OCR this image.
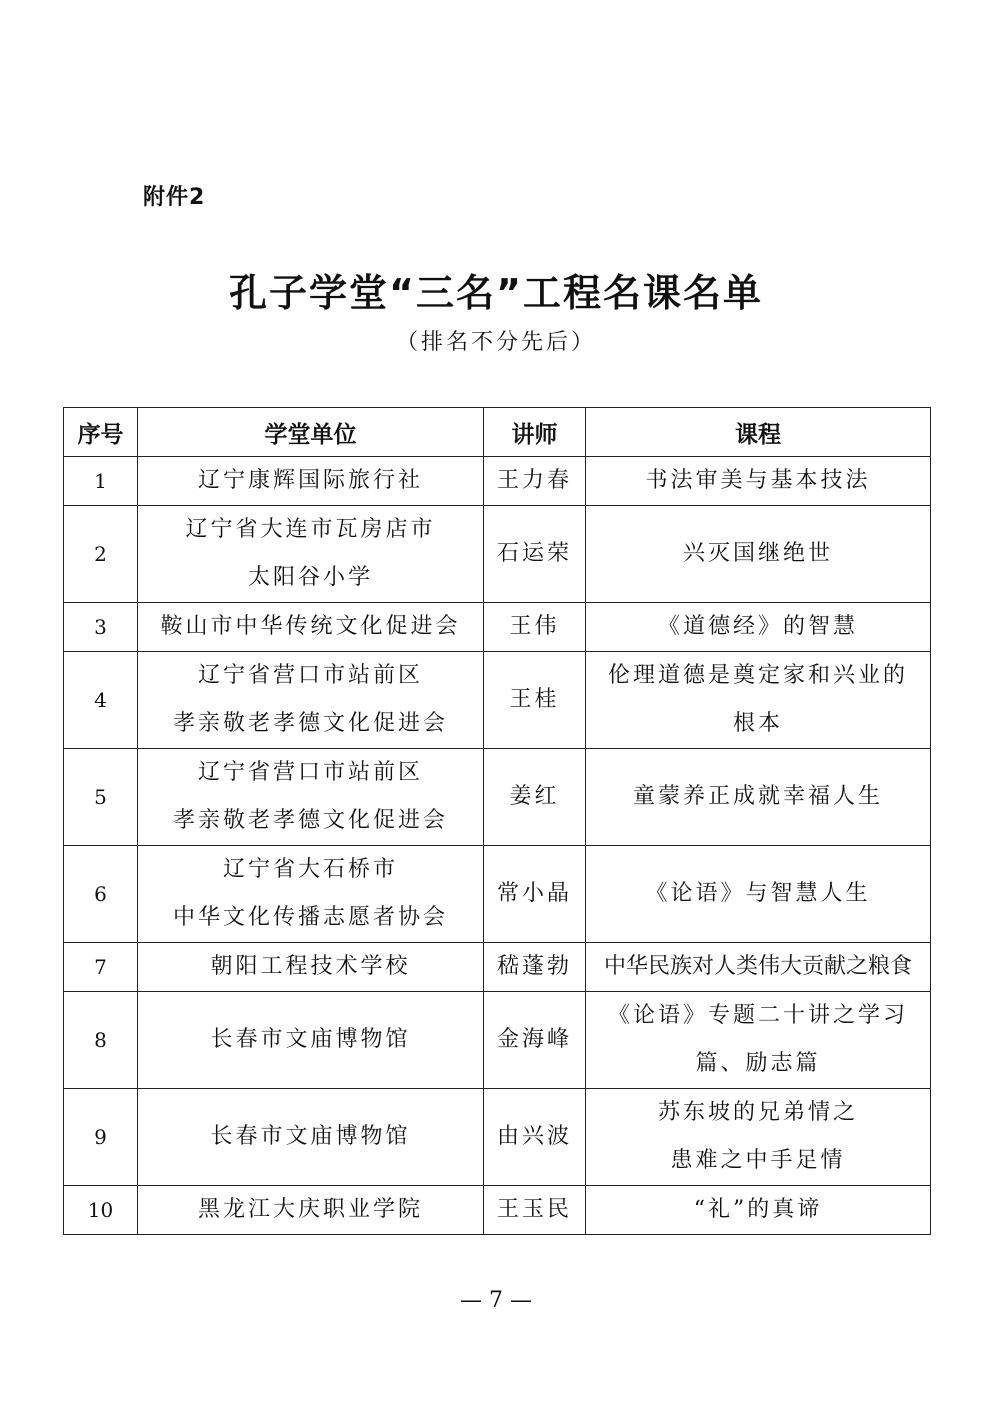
附件2
孔子学堂“三名”工程名课名单
（排名不分先后）
序号	学堂单位	讲师	课程
1	辽宁康辉国际旅行社	王力春	书法审美与基本技法

2	辽宁省大连市瓦房店市
太阳谷小学	石运荣	兴灭国继绝世

3	鞍山市中华传统文化促进会	王伟	《道德经》的智慧

4	辽宁省营口市站前区
孝亲敬老孝德文化促进会	王桂	伦理道德是奠定家和兴业的
根本

5	辽宁省营口市站前区
孝亲敬老孝德文化促进会	姜红	童蒙养正成就幸福人生

6	辽宁省大石桥市
中华文化传播志愿者协会	常小晶	《论语》与智慧人生

7	朝阳工程技术学校	嵇蓬勃	中华民族对人类伟大贡献之粮食

8	长春市文庙博物馆	金海峰	《论语》专题二十讲之学习
篇、励志篇

9	长春市文庙博物馆	由兴波	苏东坡的兄弟情之
患难之中手足情

10	黑龙江大庆职业学院	王玉民	“礼”的真谛
— 7 —
